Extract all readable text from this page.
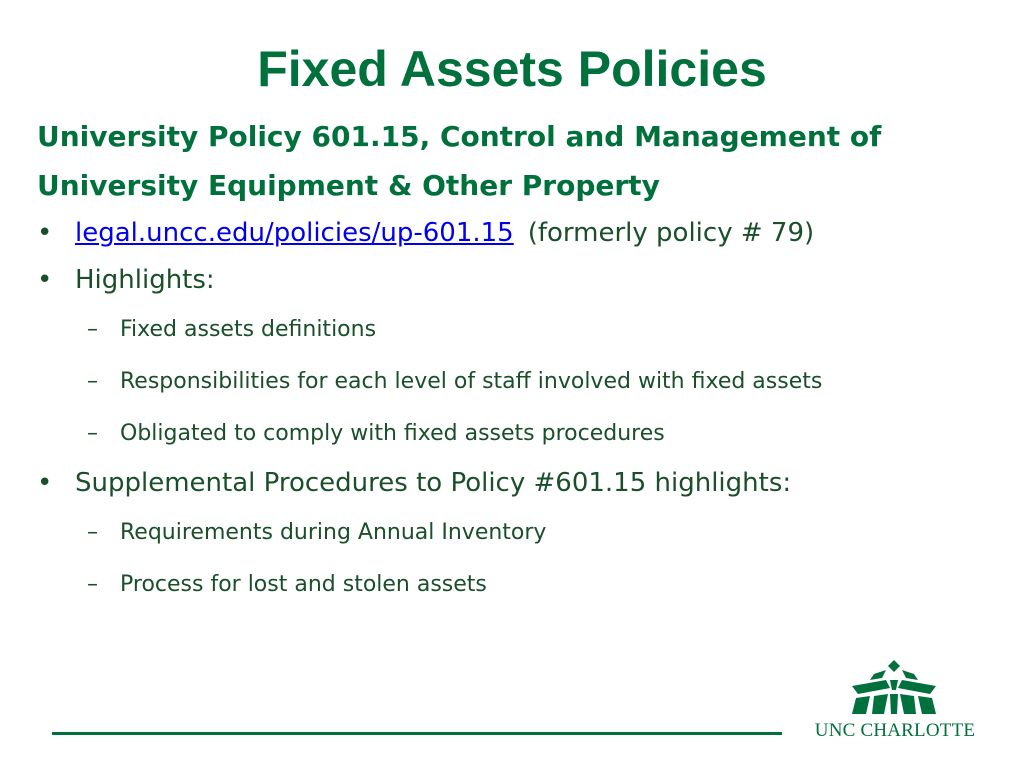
Fixed Assets Policies
University Policy 601.15, Control and Management of
University Equipment & Other Property
• legal.uncc.edu/policies/up-601.15 (formerly policy # 79)
• Highlights:
–	Fixed assets definitions
–	Responsibilities for each level of staff involved with fixed assets
–	Obligated to comply with fixed assets procedures
• Supplemental Procedures to Policy #601.15 highlights:
–	Requirements during Annual Inventory
–	Process for lost and stolen assets
UNC CHARLOTTE
